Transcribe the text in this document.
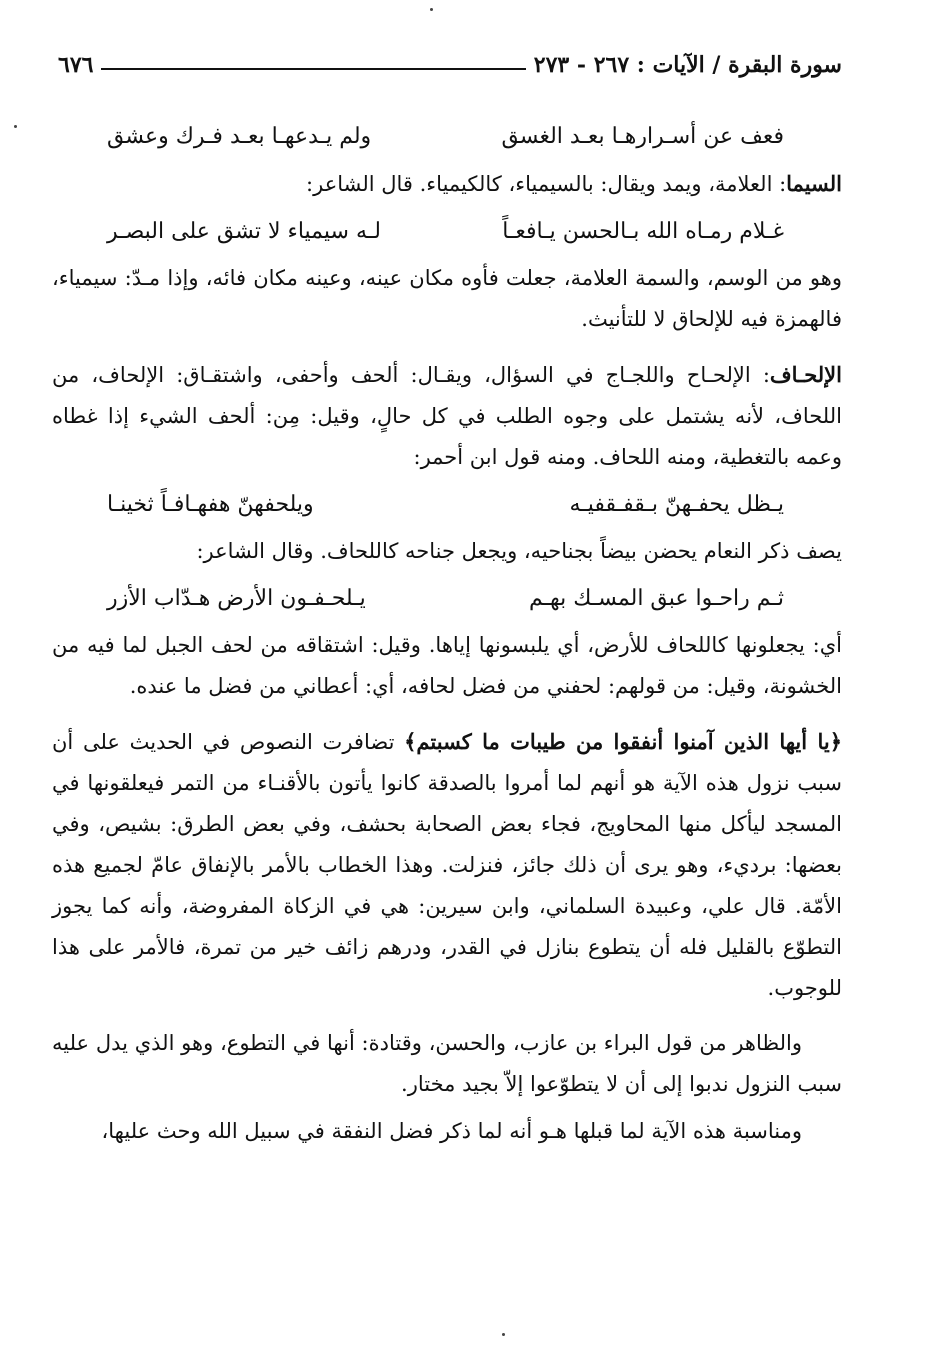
سورة البقرة / الآيات : ٢٦٧ - ٢٧٣
٦٧٦
فعف عن أسـرارهـا بعـد الغسق
ولم يـدعهـا بعـد فـرك وعشق

السيما: العلامة، ويمد ويقال: بالسيمياء، كالكيمياء. قال الشاعر:

غـلام رمـاه الله بـالحسن يـافعـاً
لـه سيمياء لا تشق على البصـر

وهو من الوسم، والسمة العلامة، جعلت فأوه مكان عينه، وعينه مكان فائه، وإذا مـدّ: سيمياء، فالهمزة فيه للإلحاق لا للتأنيث.

الإلحـاف: الإلحـاح واللجـاج في السؤال، ويقـال: ألحف وأحفى، واشتقـاق: الإلحاف، من اللحاف، لأنه يشتمل على وجوه الطلب في كل حالٍ، وقيل: مِن: ألحف الشيء إذا غطاه وعمه بالتغطية، ومنه اللحاف. ومنه قول ابن أحمر:

يـظل يحفـهنّ بـقفـقفيـه
ويلحفهنّ هفهـافـاً ثخينـا

يصف ذكر النعام يحضن بيضاً بجناحيه، ويجعل جناحه كاللحاف. وقال الشاعر:

ثـم راحـوا عبق المسـك بهـم
يـلحـفـون الأرض هـدّاب الأزر

أي: يجعلونها كاللحاف للأرض، أي يلبسونها إياها. وقيل: اشتقاقه من لحف الجبل لما فيه من الخشونة، وقيل: من قولهم: لحفني من فضل لحافه، أي: أعطاني من فضل ما عنده.

﴿يا أيها الذين آمنوا أنفقوا من طيبات ما كسبتم﴾ تضافرت النصوص في الحديث على أن سبب نزول هذه الآية هو أنهم لما أمروا بالصدقة كانوا يأتون بالأقنـاء من التمر فيعلقونها في المسجد ليأكل منها المحاويج، فجاء بعض الصحابة بحشف، وفي بعض الطرق: بشيص، وفي بعضها: برديء، وهو يرى أن ذلك جائز، فنزلت. وهذا الخطاب بالأمر بالإنفاق عامّ لجميع هذه الأمّة. قال علي، وعبيدة السلماني، وابن سيرين: هي في الزكاة المفروضة، وأنه كما يجوز التطوّع بالقليل فله أن يتطوع بنازل في القدر، ودرهم زائف خير من تمرة، فالأمر على هذا للوجوب.

والظاهر من قول البراء بن عازب، والحسن، وقتادة: أنها في التطوع، وهو الذي يدل عليه سبب النزول ندبوا إلى أن لا يتطوّعوا إلاّ بجيد مختار.

ومناسبة هذه الآية لما قبلها هـو أنه لما ذكر فضل النفقة في سبيل الله وحث عليها،
